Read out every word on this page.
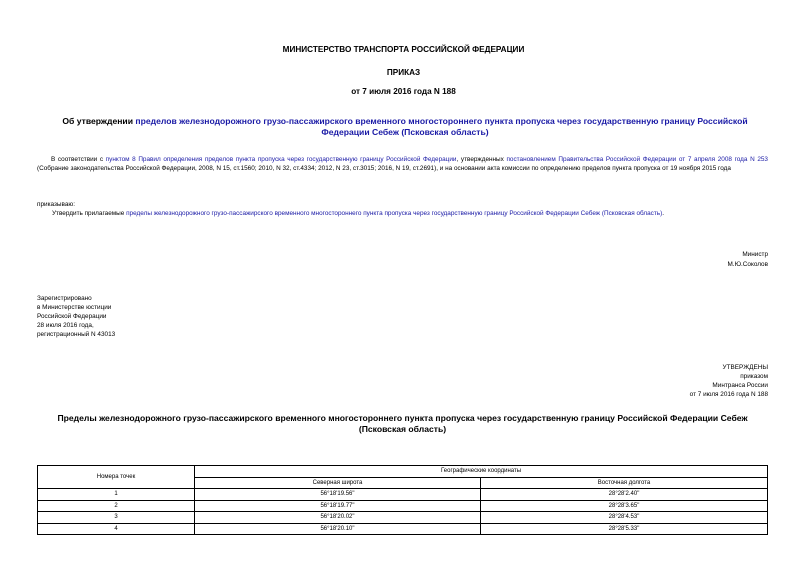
МИНИСТЕРСТВО ТРАНСПОРТА РОССИЙСКОЙ ФЕДЕРАЦИИ
ПРИКАЗ
от 7 июля 2016 года N 188
Об утверждении пределов железнодорожного грузо-пассажирского временного многостороннего пункта пропуска через государственную границу Российской Федерации Себеж (Псковская область)
В соответствии с пунктом 8 Правил определения пределов пункта пропуска через государственную границу Российской Федерации, утвержденных постановлением Правительства Российской Федерации от 7 апреля 2008 года N 253 (Собрание законодательства Российской Федерации, 2008, N 15, ст.1560; 2010, N 32, ст.4334; 2012, N 23, ст.3015; 2016, N 19, ст.2691), и на основании акта комиссии по определению пределов пункта пропуска от 19 ноября 2015 года
приказываю:
Утвердить прилагаемые пределы железнодорожного грузо-пассажирского временного многостороннего пункта пропуска через государственную границу Российской Федерации Себеж (Псковская область).
Министр
М.Ю.Соколов
Зарегистрировано
в Министерстве юстиции
Российской Федерации
28 июля 2016 года,
регистрационный N 43013
УТВЕРЖДЕНЫ
приказом
Минтранса России
от 7 июля 2016 года N 188
Пределы железнодорожного грузо-пассажирского временного многостороннего пункта пропуска через государственную границу Российской Федерации Себеж (Псковская область)
Номера точек	Географические координаты	
	Северная широта	Восточная долгота
1	56°18'19.56"	28°28'2.40"
2	56°18'19.77"	28°28'3.65"
3	56°18'20.02"	28°28'4.53"
4	56°18'20.10"	28°28'5.33"
